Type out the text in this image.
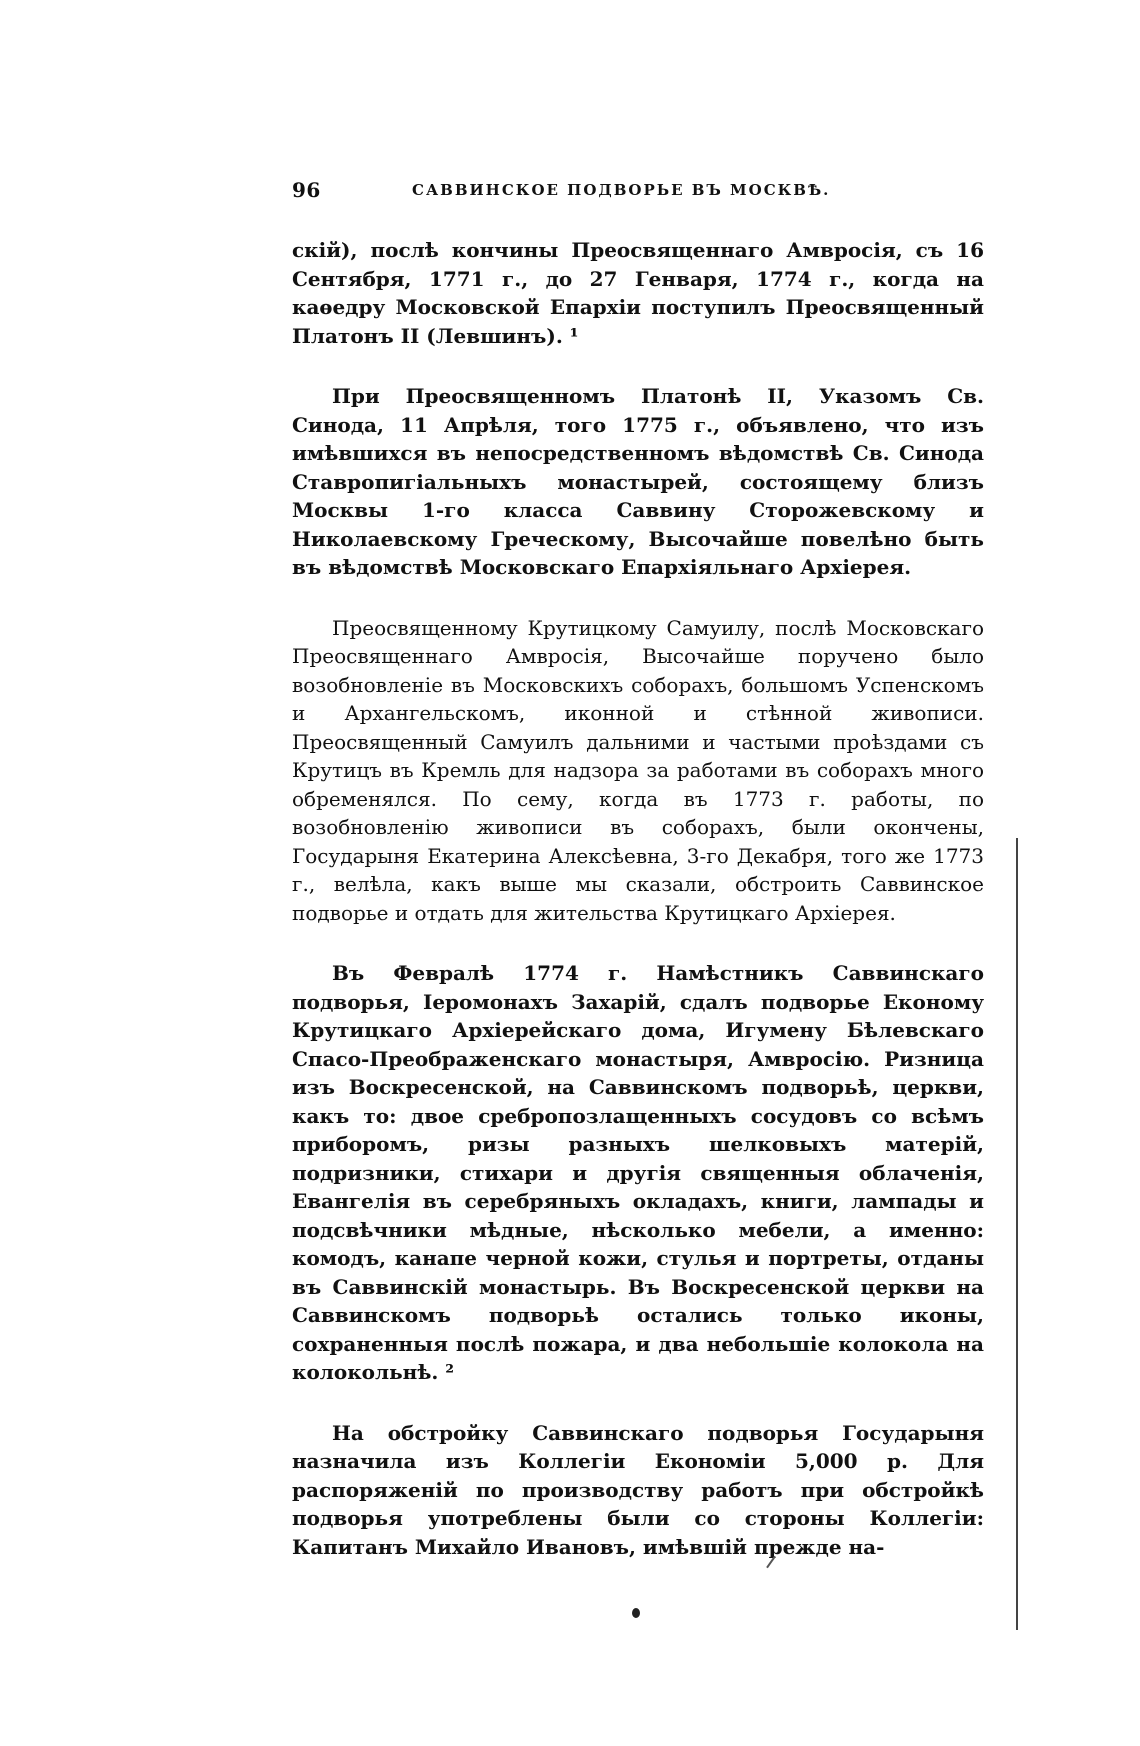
96	САВВИНСКОЕ ПОДВОРЬЕ ВЪ МОСКВѢ.

скій), послѣ кончины Преосвященнаго Амвросія, съ 16 Сентября, 1771 г., до 27 Генваря, 1774 г., когда на каѳедру Московской Епархіи поступилъ Преосвященный Платонъ II (Левшинъ). ¹

При Преосвященномъ Платонѣ II, Указомъ Св. Синода, 11 Апрѣля, того 1775 г., объявлено, что изъ имѣвшихся въ непосредственномъ вѣдомствѣ Св. Синода Ставропигіальныхъ монастырей, состоящему близъ Москвы 1-го класса Саввину Сторожевскому и Николаевскому Греческому, Высочайше повелѣно быть въ вѣдомствѣ Московскаго Епархіяльнаго Архіерея.

Преосвященному Крутицкому Самуилу, послѣ Московскаго Преосвященнаго Амвросія, Высочайше поручено было возобновленіе въ Московскихъ соборахъ, большомъ Успенскомъ и Архангельскомъ, иконной и стѣнной живописи. Преосвященный Самуилъ дальними и частыми проѣздами съ Крутицъ въ Кремль для надзора за работами въ соборахъ много обременялся. По сему, когда въ 1773 г. работы, по возобновленію живописи въ соборахъ, были окончены, Государыня Екатерина Алексѣевна, 3-го Декабря, того же 1773 г., велѣла, какъ выше мы сказали, обстроить Саввинское подворье и отдать для жительства Крутицкаго Архіерея.

Въ Февралѣ 1774 г. Намѣстникъ Саввинскаго подворья, Іеромонахъ Захарій, сдалъ подворье Економу Крутицкаго Архіерейскаго дома, Игумену Бѣлевскаго Спасо-Преображенскаго монастыря, Амвросію. Ризница изъ Воскресенской, на Саввинскомъ подворьѣ, церкви, какъ то: двое сребропозлащенныхъ сосудовъ со всѣмъ приборомъ, ризы разныхъ шелковыхъ матерій, подризники, стихари и другія священныя облаченія, Евангелія въ серебряныхъ окладахъ, книги, лампады и подсвѣчники мѣдные, нѣсколько мебели, а именно: комодъ, канапе черной кожи, стулья и портреты, отданы въ Саввинскій монастырь. Въ Воскресенской церкви на Саввинскомъ подворьѣ остались только иконы, сохраненныя послѣ пожара, и два небольшіе колокола на колокольнѣ. ²

На обстройку Саввинскаго подворья Государыня назначила изъ Коллегіи Економіи 5,000 р. Для распоряженій по производству работъ при обстройкѣ подворья употреблены были со стороны Коллегіи: Капитанъ Михайло Ивановъ, имѣвшій прежде на-
